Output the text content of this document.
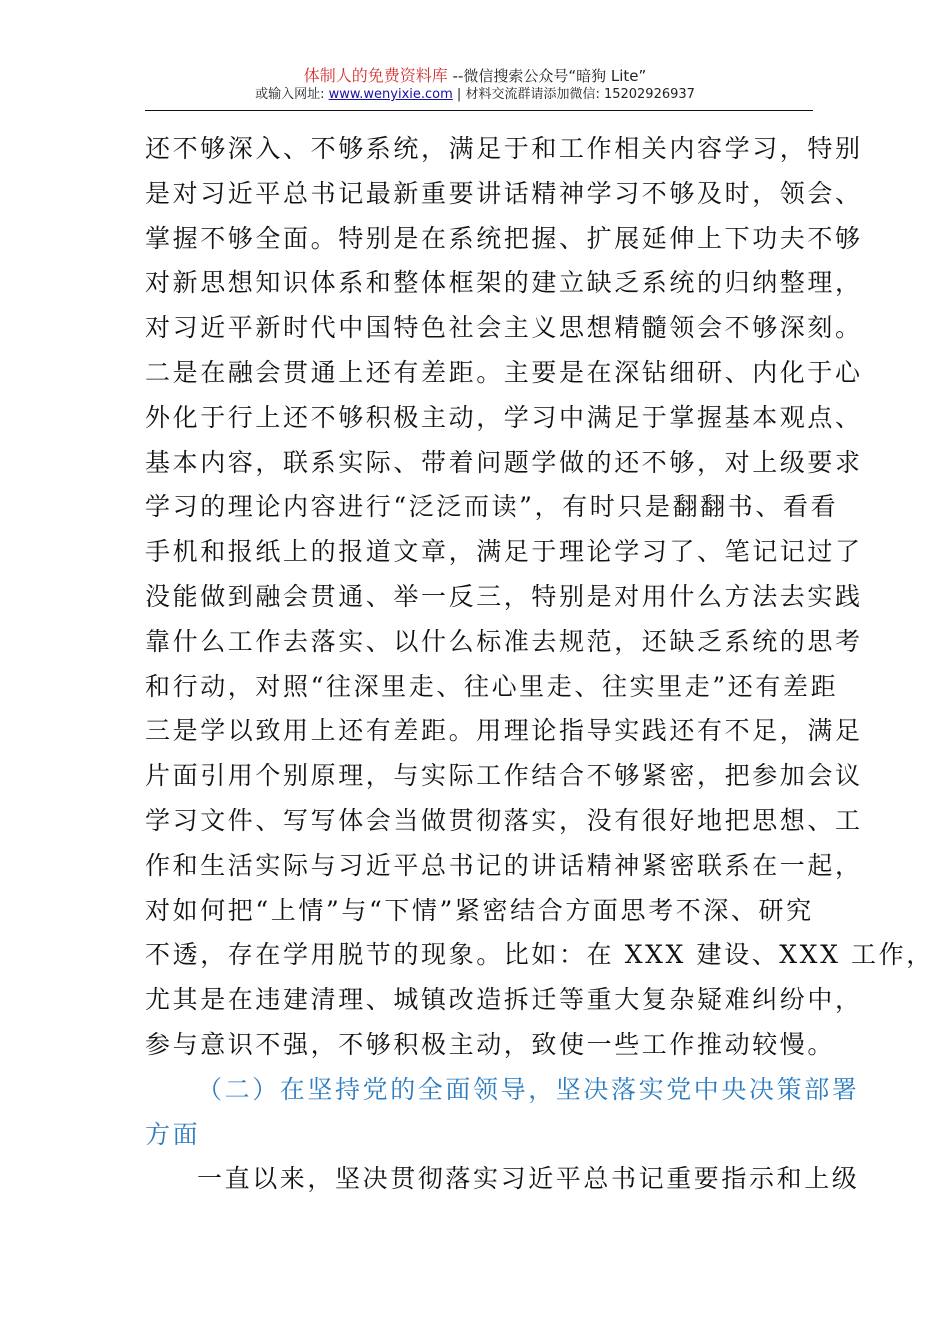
体制人的免费资料库 --微信搜索公众号“暗狗 Lite”
或输入网址: www.wenyixie.com | 材料交流群请添加微信: 15202926937
还不够深入、不够系统，满足于和工作相关内容学习，特别
是对习近平总书记最新重要讲话精神学习不够及时，领会、
掌握不够全面。特别是在系统把握、扩展延伸上下功夫不够
对新思想知识体系和整体框架的建立缺乏系统的归纳整理，
对习近平新时代中国特色社会主义思想精髓领会不够深刻。
二是在融会贯通上还有差距。主要是在深钻细研、内化于心
外化于行上还不够积极主动，学习中满足于掌握基本观点、
基本内容，联系实际、带着问题学做的还不够，对上级要求
学习的理论内容进行“泛泛而读”，有时只是翻翻书、看看
手机和报纸上的报道文章，满足于理论学习了、笔记记过了
没能做到融会贯通、举一反三，特别是对用什么方法去实践
靠什么工作去落实、以什么标准去规范，还缺乏系统的思考
和行动，对照“往深里走、往心里走、往实里走”还有差距
三是学以致用上还有差距。用理论指导实践还有不足，满足
片面引用个别原理，与实际工作结合不够紧密，把参加会议
学习文件、写写体会当做贯彻落实，没有很好地把思想、工
作和生活实际与习近平总书记的讲话精神紧密联系在一起，
对如何把“上情”与“下情”紧密结合方面思考不深、研究
不透，存在学用脱节的现象。比如：在 XXX 建设、XXX 工作，
尤其是在违建清理、城镇改造拆迁等重大复杂疑难纠纷中，
参与意识不强，不够积极主动，致使一些工作推动较慢。
（二）在坚持党的全面领导，坚决落实党中央决策部署
方面
一直以来，坚决贯彻落实习近平总书记重要指示和上级
